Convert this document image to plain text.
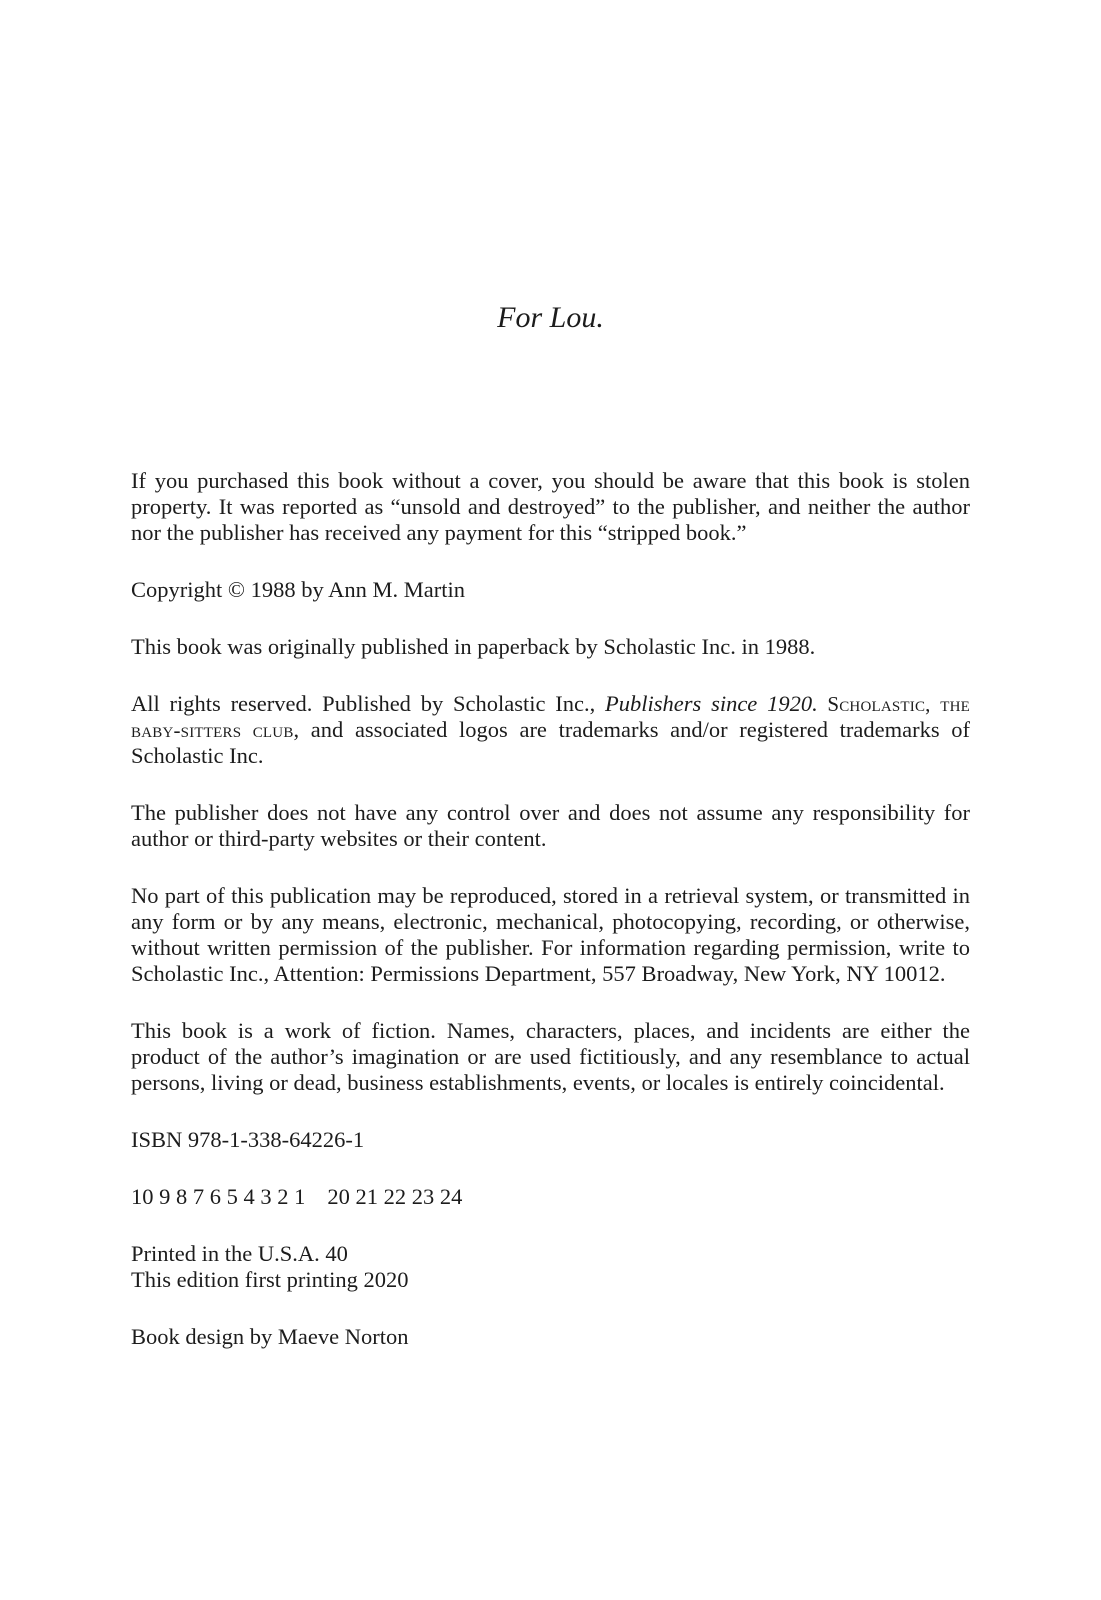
For Lou.

If you purchased this book without a cover, you should be aware that this book is stolen property. It was reported as “unsold and destroyed” to the publisher, and neither the author nor the publisher has received any payment for this “stripped book.”

Copyright © 1988 by Ann M. Martin

This book was originally published in paperback by Scholastic Inc. in 1988.

All rights reserved. Published by Scholastic Inc., Publishers since 1920. Scholastic, the baby-sitters club, and associated logos are trademarks and/or registered trademarks of Scholastic Inc.

The publisher does not have any control over and does not assume any responsibility for author or third-party websites or their content.

No part of this publication may be reproduced, stored in a retrieval system, or transmitted in any form or by any means, electronic, mechanical, photocopying, recording, or otherwise, without written permission of the publisher. For information regarding permission, write to Scholastic Inc., Attention: Permissions Department, 557 Broadway, New York, NY 10012.

This book is a work of fiction. Names, characters, places, and incidents are either the product of the author’s imagination or are used fictitiously, and any resemblance to actual persons, living or dead, business establishments, events, or locales is entirely coincidental.

ISBN 978-1-338-64226-1

10 9 8 7 6 5 4 3 2 1 20 21 22 23 24

Printed in the U.S.A. 40
This edition first printing 2020

Book design by Maeve Norton
